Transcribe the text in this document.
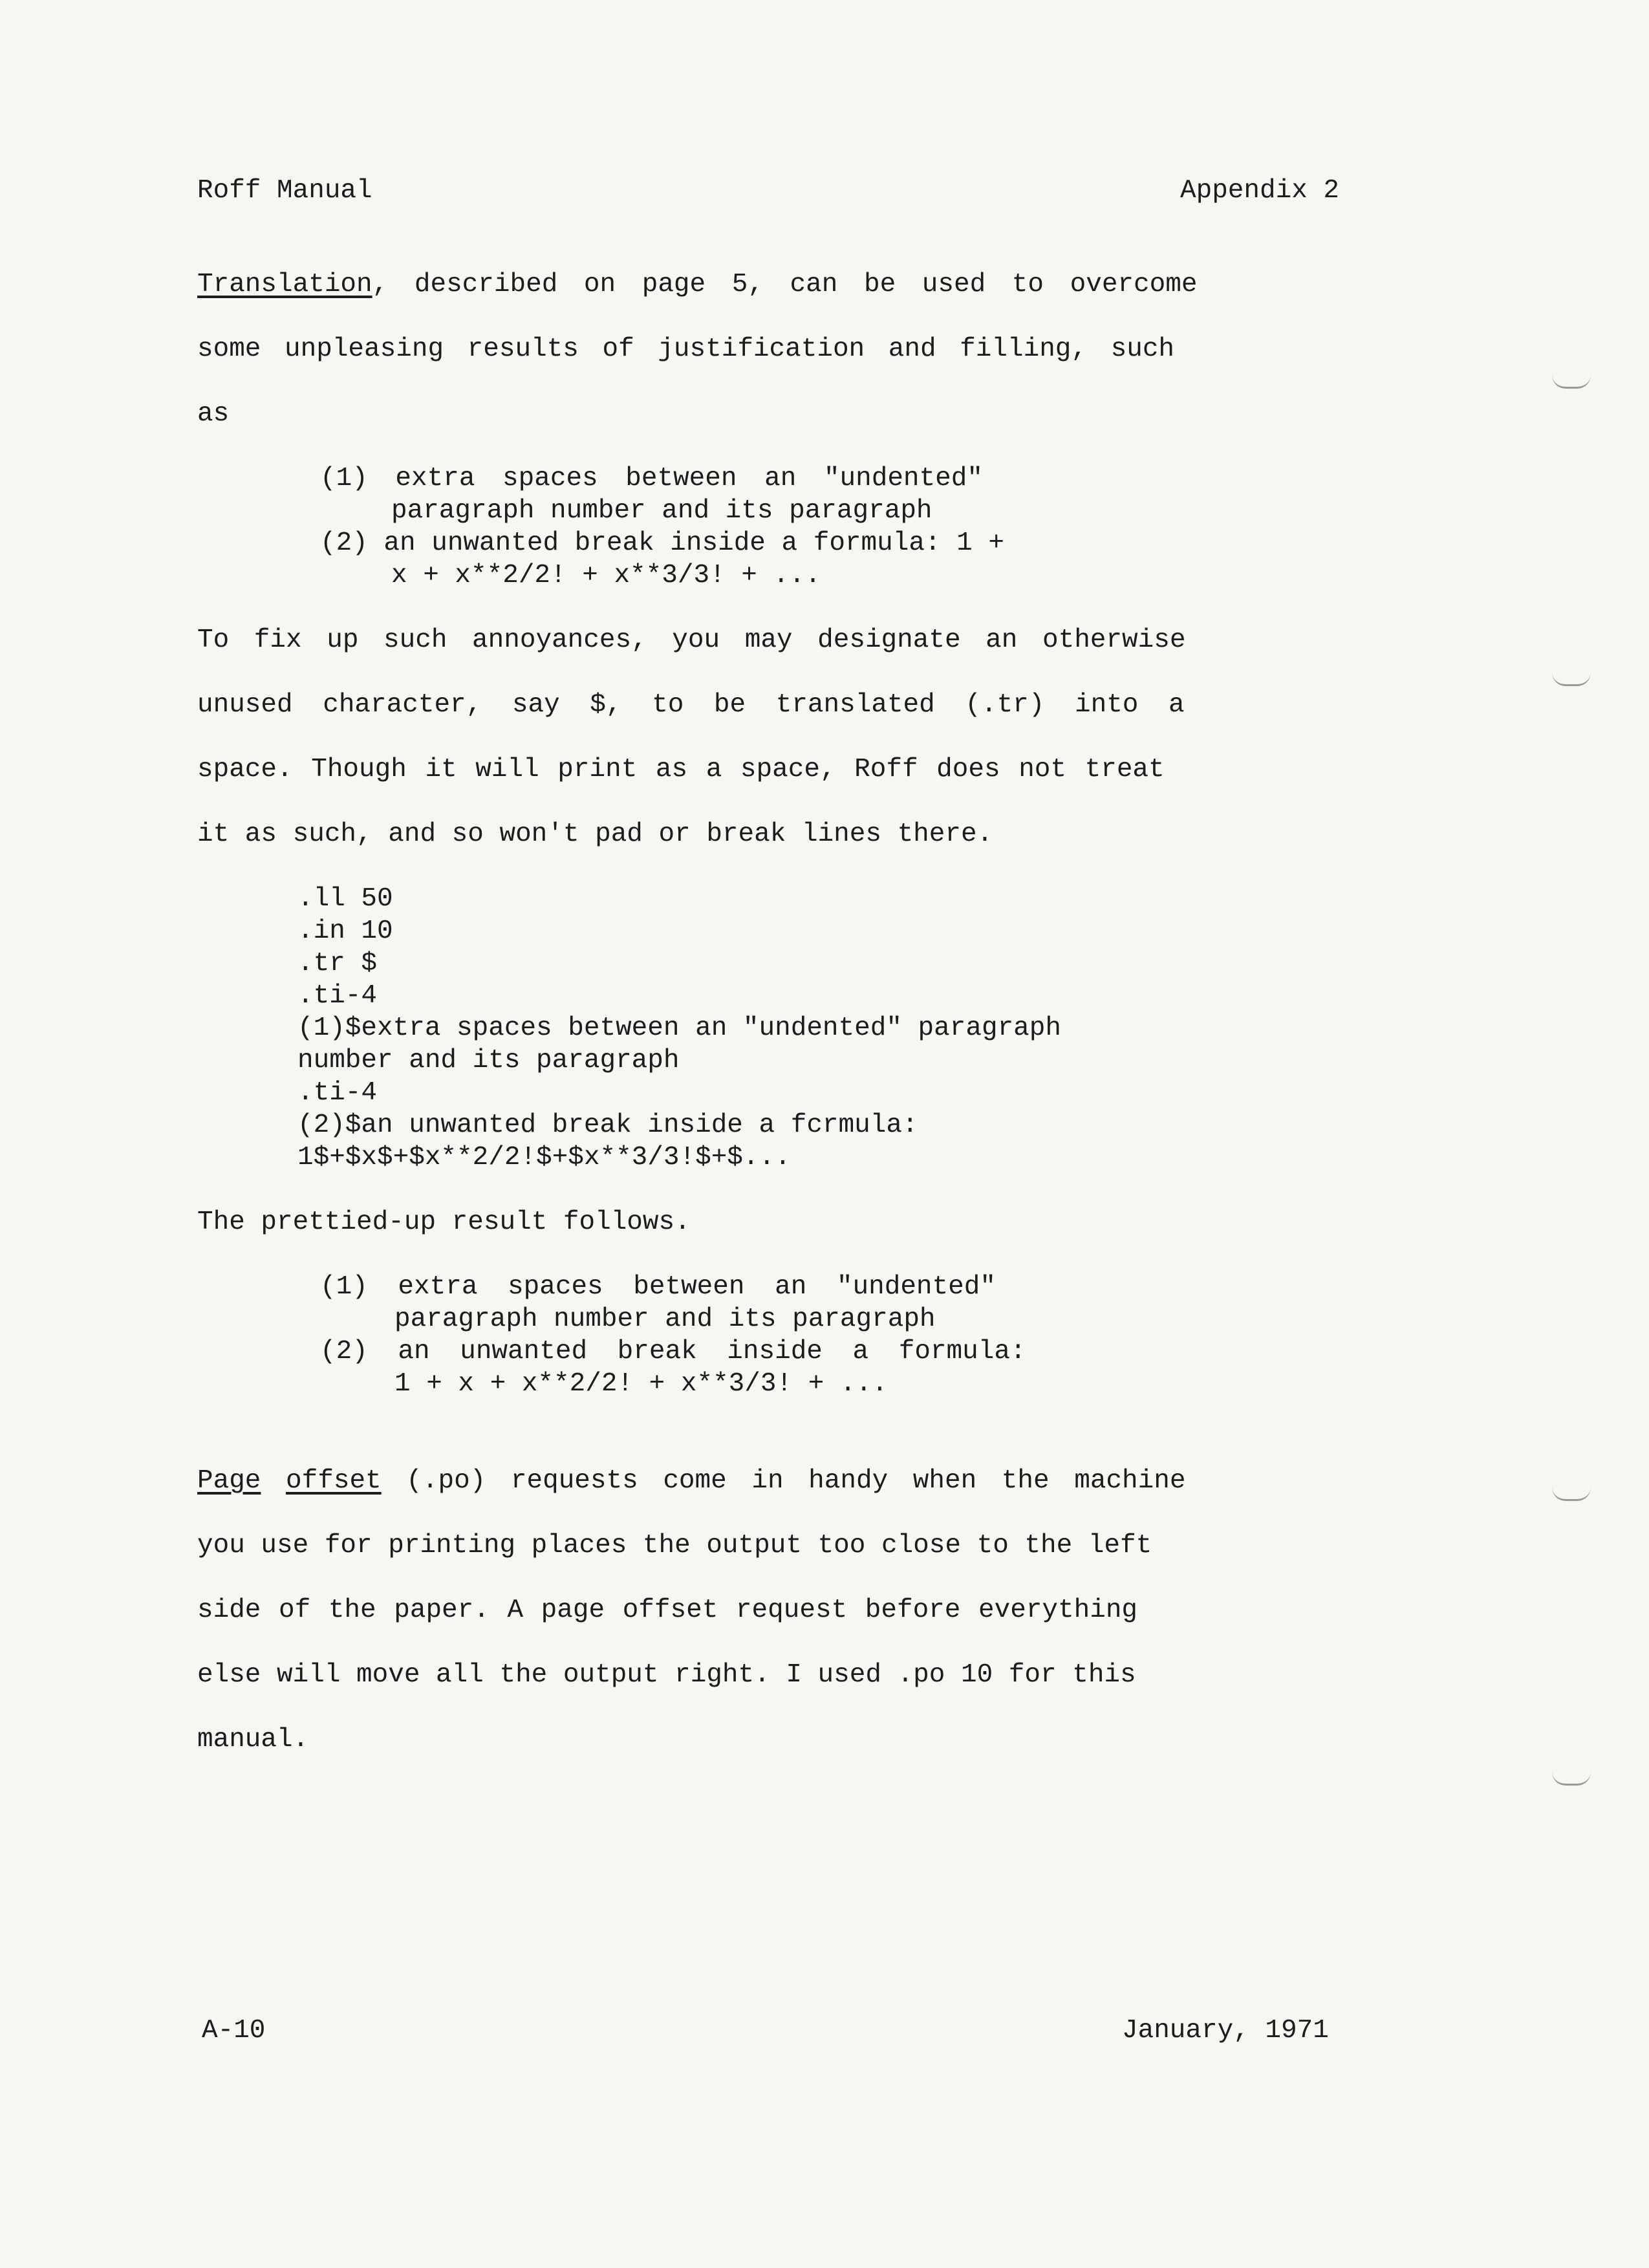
Roff Manual	Appendix 2
Translation, described on page 5, can be used to overcome
some unpleasing results of justification and filling, such
as
(1) extra spaces between an "undented"
paragraph number and its paragraph
(2) an unwanted break inside a formula: 1 +
x + x**2/2! + x**3/3! + ...
To fix up such annoyances, you may designate an otherwise
unused character, say $, to be translated (.tr) into a
space. Though it will print as a space, Roff does not treat
it as such, and so won't pad or break lines there.
.ll 50
.in 10
.tr $
.ti-4
(1)$extra spaces between an "undented" paragraph
number and its paragraph
.ti-4
(2)$an unwanted break inside a fcrmula:
1$+$x$+$x**2/2!$+$x**3/3!$+$...
The prettied-up result follows.
(1) extra spaces between an "undented"
paragraph number and its paragraph
(2) an unwanted break inside a formula:
1 + x + x**2/2! + x**3/3! + ...
Page offset (.po) requests come in handy when the machine
you use for printing places the output too close to the left
side of the paper. A page offset request before everything
else will move all the output right. I used .po 10 for this
manual.
A-10	January, 1971
